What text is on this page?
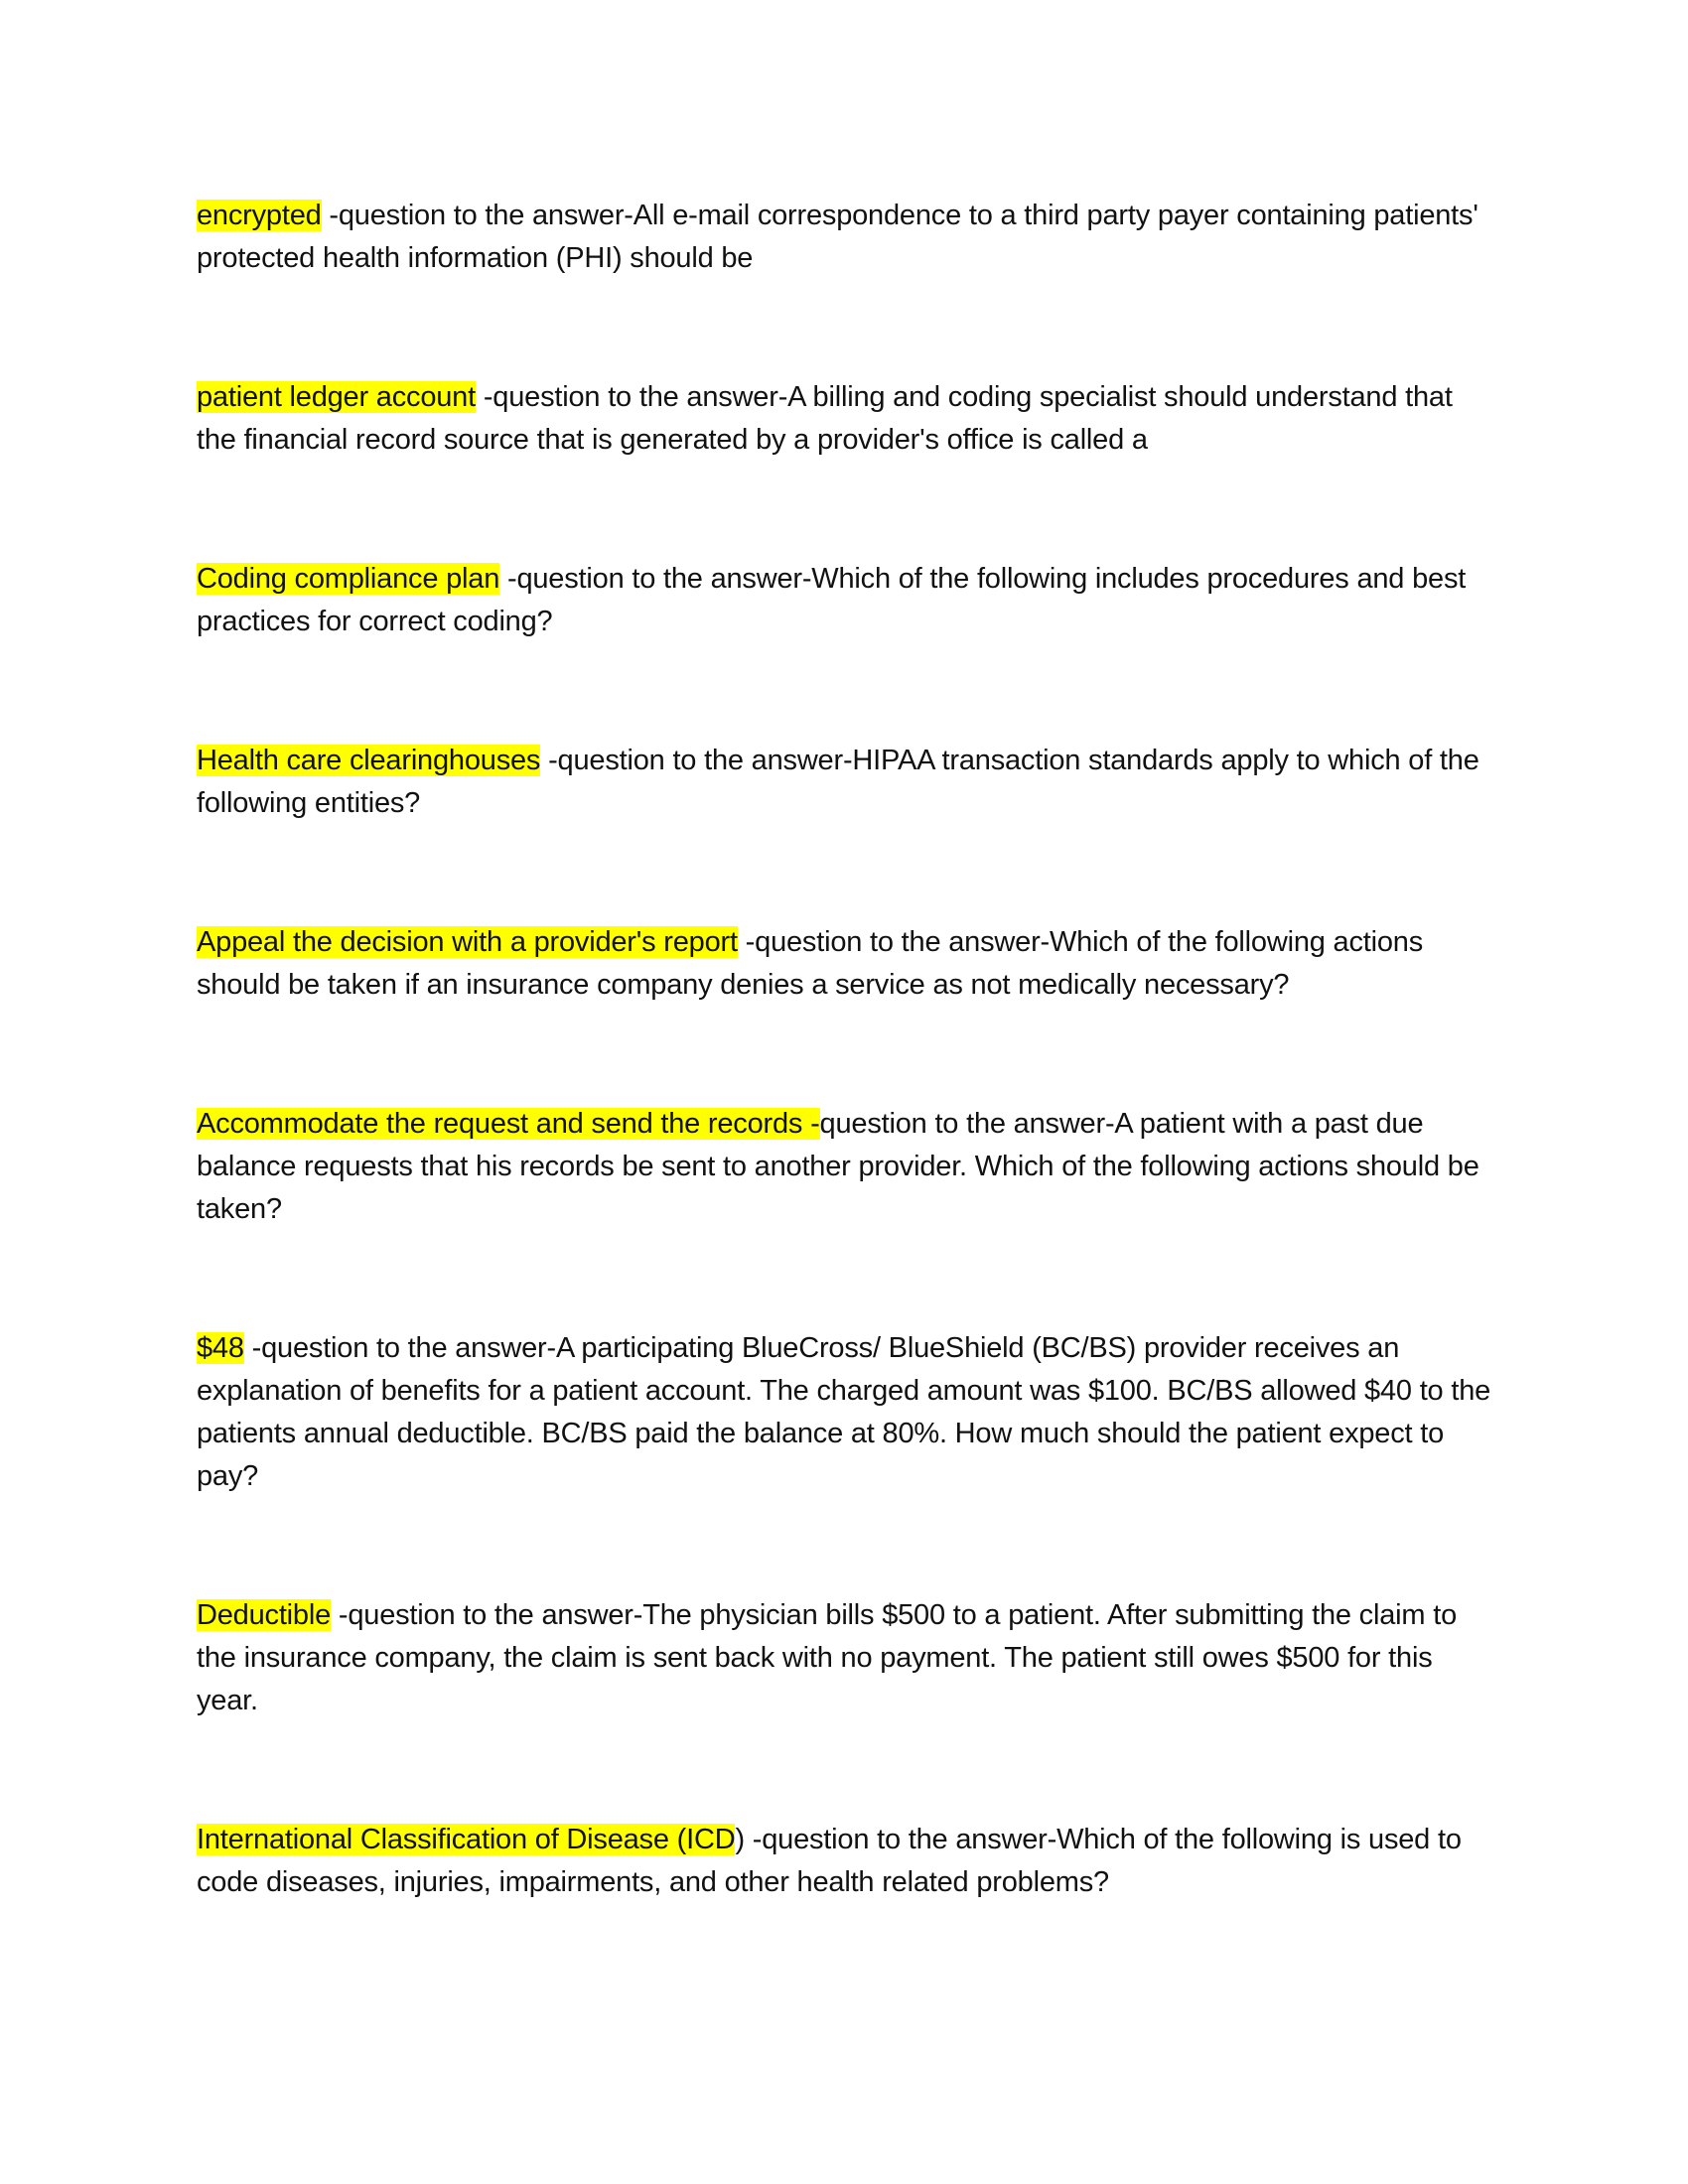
encrypted -question to the answer-All e-mail correspondence to a third party payer containing patients' protected health information (PHI) should be

patient ledger account -question to the answer-A billing and coding specialist should understand that the financial record source that is generated by a provider's office is called a

Coding compliance plan -question to the answer-Which of the following includes procedures and best practices for correct coding?

Health care clearinghouses -question to the answer-HIPAA transaction standards apply to which of the following entities?

Appeal the decision with a provider's report -question to the answer-Which of the following actions should be taken if an insurance company denies a service as not medically necessary?

Accommodate the request and send the records -question to the answer-A patient with a past due balance requests that his records be sent to another provider. Which of the following actions should be taken?

$48 -question to the answer-A participating BlueCross/ BlueShield (BC/BS) provider receives an explanation of benefits for a patient account. The charged amount was $100. BC/BS allowed $40 to the patients annual deductible. BC/BS paid the balance at 80%. How much should the patient expect to pay?

Deductible -question to the answer-The physician bills $500 to a patient. After submitting the claim to the insurance company, the claim is sent back with no payment. The patient still owes $500 for this year.

International Classification of Disease (ICD) -question to the answer-Which of the following is used to code diseases, injuries, impairments, and other health related problems?
